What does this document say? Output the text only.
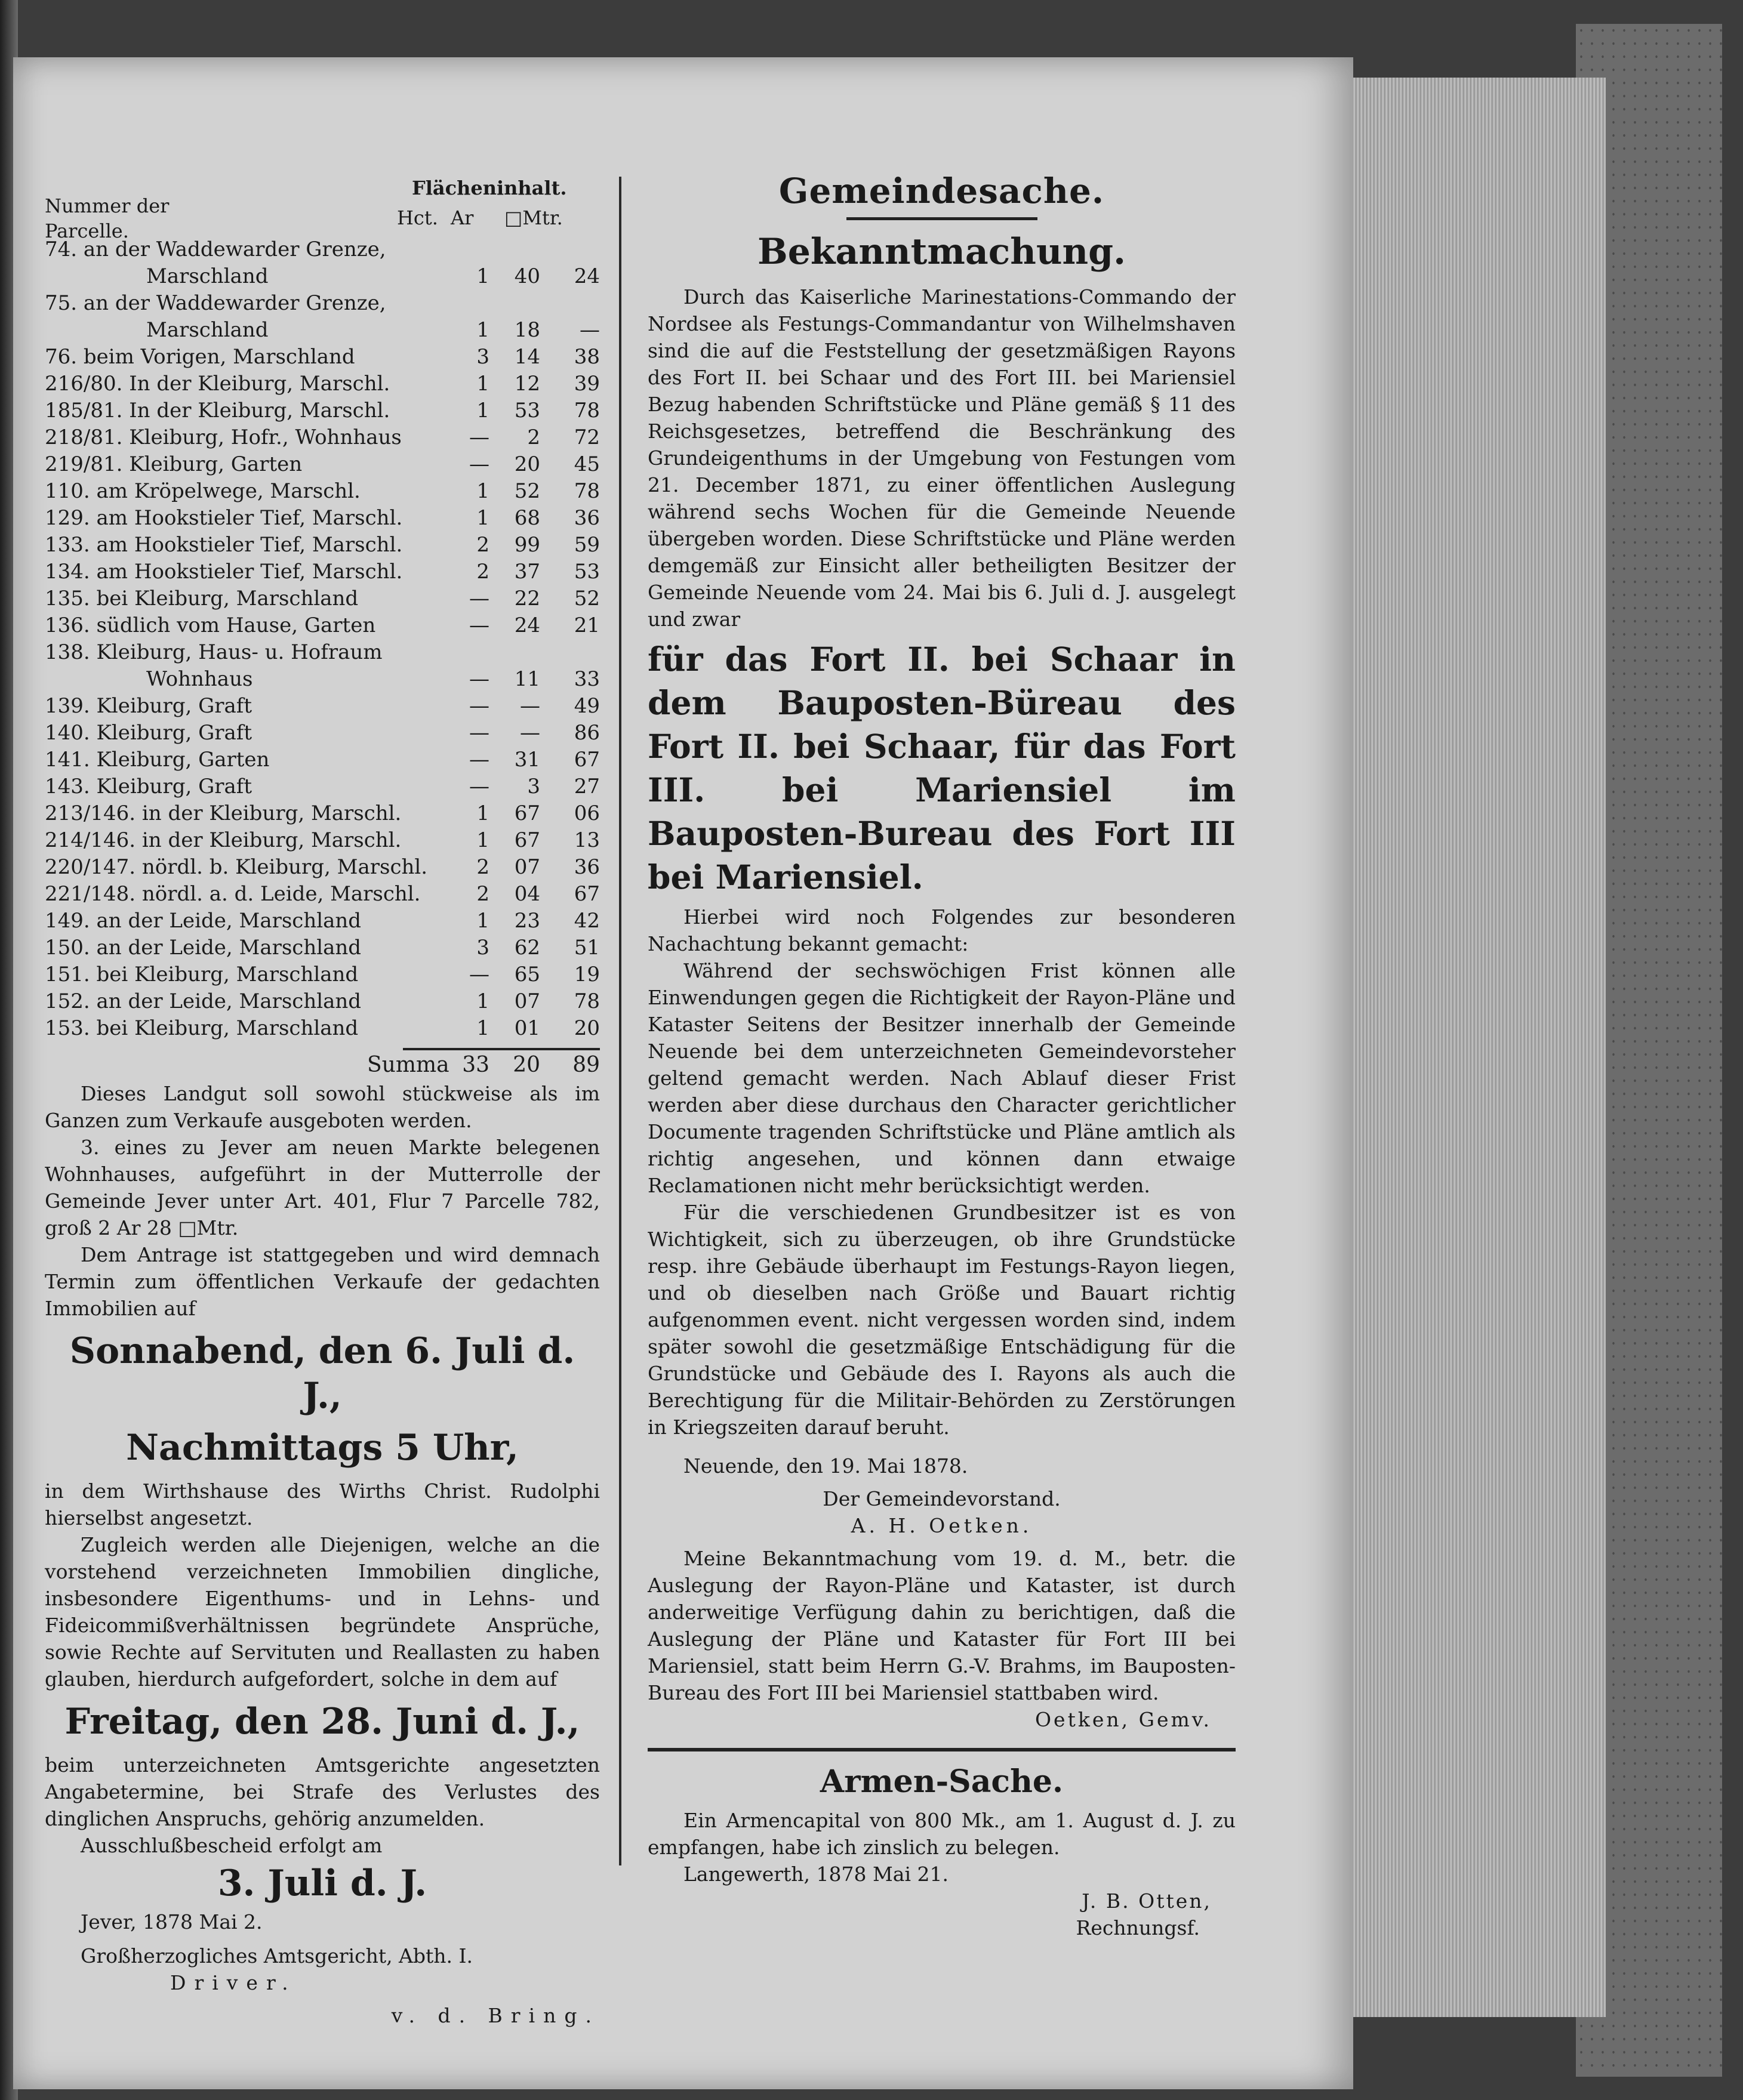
Nummer der
Parcelle.
Flächeninhalt.
Hct. Ar □Mtr.
74. an der Waddewarder Grenze,
Marschland	1	40	24
75. an der Waddewarder Grenze,
Marschland	1	18	—
76. beim Vorigen, Marschland	3	14	38
216/80. In der Kleiburg, Marschl.	1	12	39
185/81. In der Kleiburg, Marschl.	1	53	78
218/81. Kleiburg, Hofr., Wohnhaus	—	2	72
219/81. Kleiburg, Garten	—	20	45
110. am Kröpelwege, Marschl.	1	52	78
129. am Hookstieler Tief, Marschl.	1	68	36
133. am Hookstieler Tief, Marschl.	2	99	59
134. am Hookstieler Tief, Marschl.	2	37	53
135. bei Kleiburg, Marschland	—	22	52
136. südlich vom Hause, Garten	—	24	21
138. Kleiburg, Haus- u. Hofraum
Wohnhaus	—	11	33
139. Kleiburg, Graft	—	—	49
140. Kleiburg, Graft	—	—	86
141. Kleiburg, Garten	—	31	67
143. Kleiburg, Graft	—	3	27
213/146. in der Kleiburg, Marschl.	1	67	06
214/146. in der Kleiburg, Marschl.	1	67	13
220/147. nördl. b. Kleiburg, Marschl.	2	07	36
221/148. nördl. a. d. Leide, Marschl.	2	04	67
149. an der Leide, Marschland	1	23	42
150. an der Leide, Marschland	3	62	51
151. bei Kleiburg, Marschland	—	65	19
152. an der Leide, Marschland	1	07	78
153. bei Kleiburg, Marschland	1	01	20
Summa 33	20	89

Dieses Landgut soll sowohl stückweise als im Ganzen zum Verkaufe ausgeboten werden.

3. eines zu Jever am neuen Markte belegenen Wohnhauses, aufgeführt in der Mutterrolle der Gemeinde Jever unter Art. 401, Flur 7 Parcelle 782, groß 2 Ar 28 □Mtr.

Dem Antrage ist stattgegeben und wird demnach Termin zum öffentlichen Verkaufe der gedachten Immobilien auf

Sonnabend, den 6. Juli d. J.,

Nachmittags 5 Uhr,

in dem Wirthshause des Wirths Christ. Rudolphi hierselbst angesetzt.

Zugleich werden alle Diejenigen, welche an die vorstehend verzeichneten Immobilien dingliche, insbesondere Eigenthums- und in Lehns- und Fideicommißverhältnissen begründete Ansprüche, sowie Rechte auf Servituten und Reallasten zu haben glauben, hierdurch aufgefordert, solche in dem auf

Freitag, den 28. Juni d. J.,

beim unterzeichneten Amtsgerichte angesetzten Angabetermine, bei Strafe des Verlustes des dinglichen Anspruchs, gehörig anzumelden.

Ausschlußbescheid erfolgt am

3. Juli d. J.

Jever, 1878 Mai 2.

Großherzogliches Amtsgericht, Abth. I.

Driver.

v. d. Bring.

Gemeindesache.

Bekanntmachung.

Durch das Kaiserliche Marinestations-Commando der Nordsee als Festungs-Commandantur von Wilhelmshaven sind die auf die Feststellung der gesetzmäßigen Rayons des Fort II. bei Schaar und des Fort III. bei Mariensiel Bezug habenden Schriftstücke und Pläne gemäß § 11 des Reichsgesetzes, betreffend die Beschränkung des Grundeigenthums in der Umgebung von Festungen vom 21. December 1871, zu einer öffentlichen Auslegung während sechs Wochen für die Gemeinde Neuende übergeben worden. Diese Schriftstücke und Pläne werden demgemäß zur Einsicht aller betheiligten Besitzer der Gemeinde Neuende vom 24. Mai bis 6. Juli d. J. ausgelegt und zwar

für das Fort II. bei Schaar in dem Bauposten-Büreau des Fort II. bei Schaar, für das Fort III. bei Mariensiel im Bauposten-Bureau des Fort III bei Mariensiel.

Hierbei wird noch Folgendes zur besonderen Nachachtung bekannt gemacht:

Während der sechswöchigen Frist können alle Einwendungen gegen die Richtigkeit der Rayon-Pläne und Kataster Seitens der Besitzer innerhalb der Gemeinde Neuende bei dem unterzeichneten Gemeindevorsteher geltend gemacht werden. Nach Ablauf dieser Frist werden aber diese durchaus den Character gerichtlicher Documente tragenden Schriftstücke und Pläne amtlich als richtig angesehen, und können dann etwaige Reclamationen nicht mehr berücksichtigt werden.

Für die verschiedenen Grundbesitzer ist es von Wichtigkeit, sich zu überzeugen, ob ihre Grundstücke resp. ihre Gebäude überhaupt im Festungs-Rayon liegen, und ob dieselben nach Größe und Bauart richtig aufgenommen event. nicht vergessen worden sind, indem später sowohl die gesetzmäßige Entschädigung für die Grundstücke und Gebäude des I. Rayons als auch die Berechtigung für die Militair-Behörden zu Zerstörungen in Kriegszeiten darauf beruht.

Neuende, den 19. Mai 1878.

Der Gemeindevorstand.

A. H. Oetken.

Meine Bekanntmachung vom 19. d. M., betr. die Auslegung der Rayon-Pläne und Kataster, ist durch anderweitige Verfügung dahin zu berichtigen, daß die Auslegung der Pläne und Kataster für Fort III bei Mariensiel, statt beim Herrn G.-V. Brahms, im Bauposten-Bureau des Fort III bei Mariensiel stattbaben wird.

Oetken, Gemv.

Armen-Sache.

Ein Armencapital von 800 Mk., am 1. August d. J. zu empfangen, habe ich zinslich zu belegen.

Langewerth, 1878 Mai 21.

J. B. Otten,

Rechnungsf.
